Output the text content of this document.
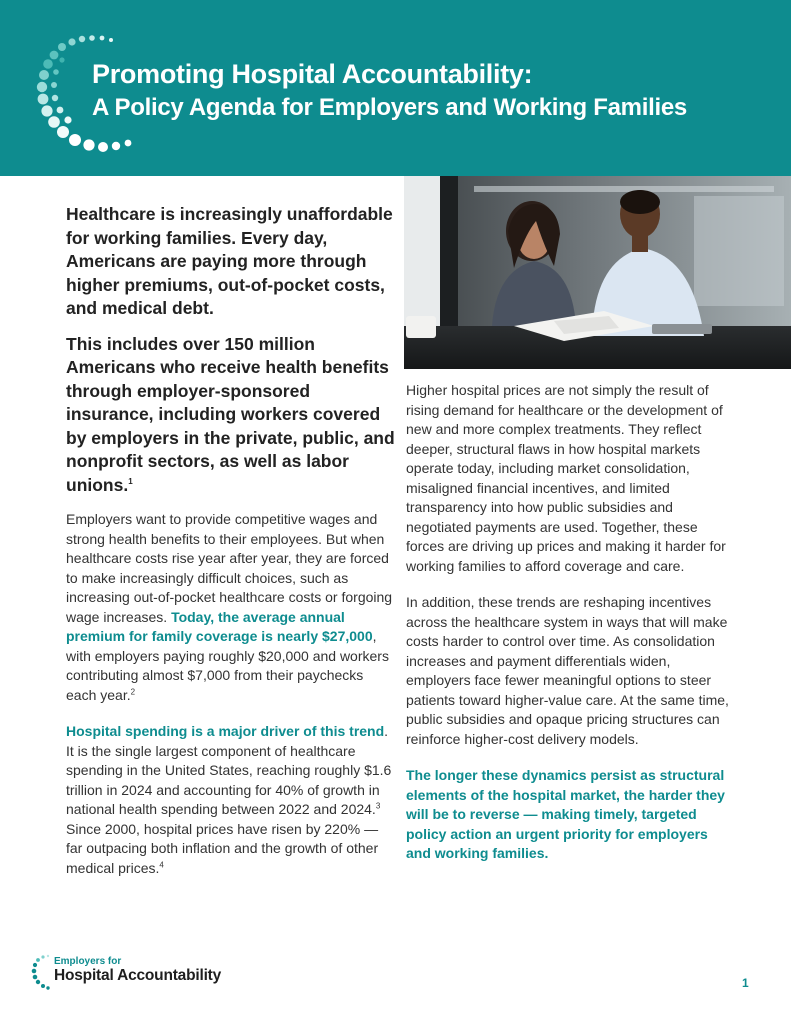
Promoting Hospital Accountability:
A Policy Agenda for Employers and Working Families

Healthcare is increasingly unaffordable for working families. Every day, Americans are paying more through higher premiums, out-of-pocket costs, and medical debt.

This includes over 150 million Americans who receive health benefits through employer-sponsored insurance, including workers covered by employers in the private, public, and nonprofit sectors, as well as labor unions.$^1$

Employers want to provide competitive wages and strong health benefits to their employees. But when healthcare costs rise year after year, they are forced to make increasingly difficult choices, such as increasing out-of-pocket healthcare costs or forgoing wage increases. Today, the average annual premium for family coverage is nearly $27,000, with employers paying roughly $20,000 and workers contributing almost $7,000 from their paychecks each year.$^2$

Hospital spending is a major driver of this trend. It is the single largest component of healthcare spending in the United States, reaching roughly $1.6 trillion in 2024 and accounting for 40% of growth in national health spending between 2022 and 2024.$^3$ Since 2000, hospital prices have risen by 220% — far outpacing both inflation and the growth of other medical prices.$^4$

Higher hospital prices are not simply the result of rising demand for healthcare or the development of new and more complex treatments. They reflect deeper, structural flaws in how hospital markets operate today, including market consolidation, misaligned financial incentives, and limited transparency into how public subsidies and negotiated payments are used. Together, these forces are driving up prices and making it harder for working families to afford coverage and care.

In addition, these trends are reshaping incentives across the healthcare system in ways that will make costs harder to control over time. As consolidation increases and payment differentials widen, employers face fewer meaningful options to steer patients toward higher-value care. At the same time, public subsidies and opaque pricing structures can reinforce higher-cost delivery models.

The longer these dynamics persist as structural elements of the hospital market, the harder they will be to reverse — making timely, targeted policy action an urgent priority for employers and working families.

Employers for
Hospital Accountability	1
